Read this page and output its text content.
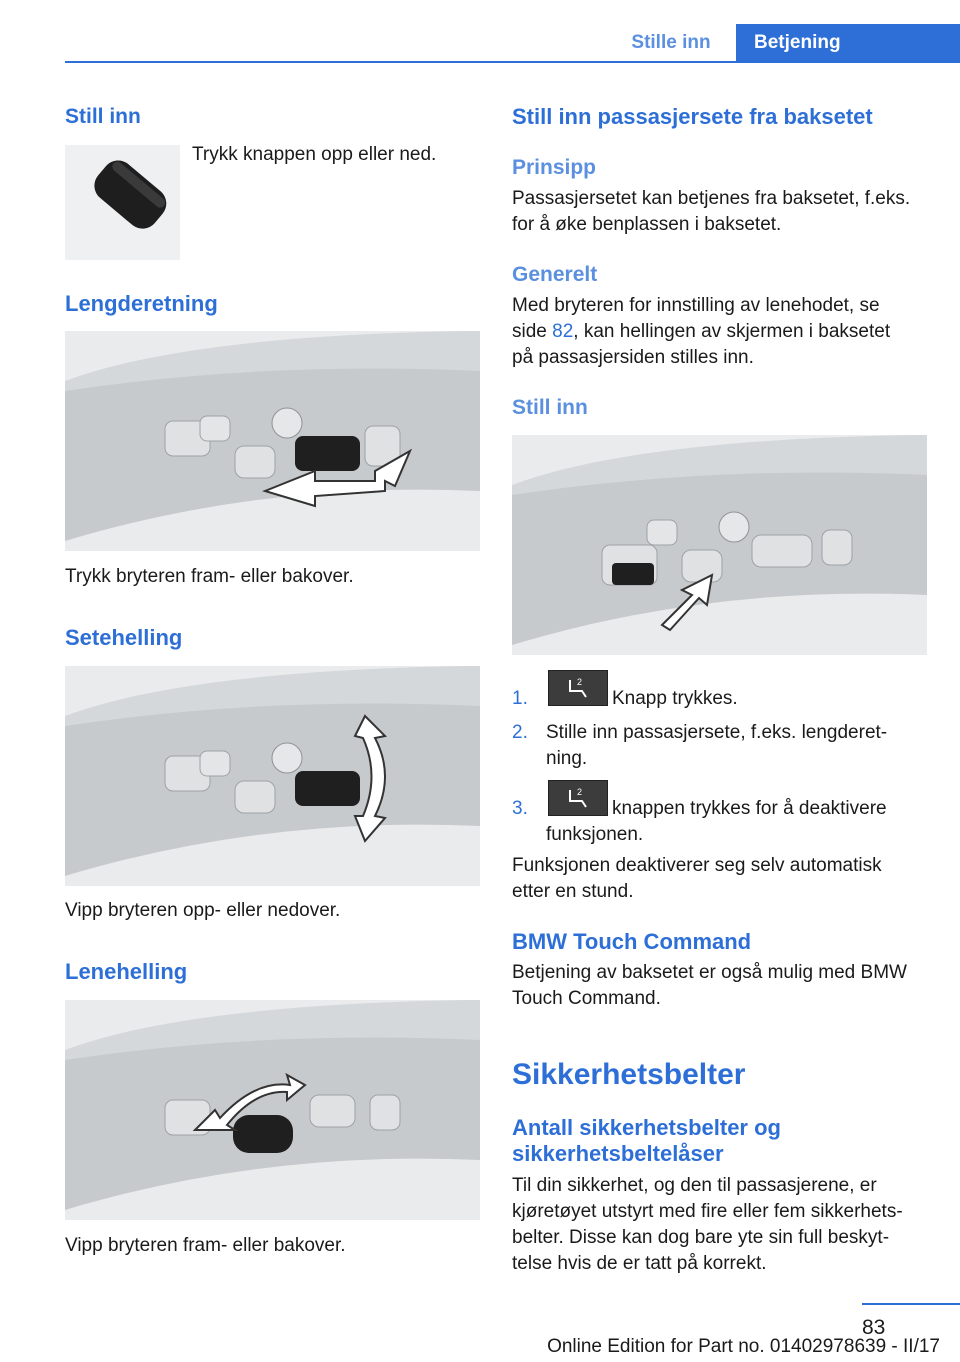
Stille inn	Betjening
Still inn
Trykk knappen opp eller ned.
Lengderetning
Trykk bryteren fram- eller bakover.
Setehelling
Vipp bryteren opp- eller nedover.
Lenehelling
Vipp bryteren fram- eller bakover.
Still inn passasjersete fra baksetet
Prinsipp
Passasjersetet kan betjenes fra baksetet, f.eks.
for å øke benplassen i baksetet.
Generelt
Med bryteren for innstilling av lenehodet, se
side 82, kan hellingen av skjermen i baksetet
på passasjersiden stilles inn.
Still inn
1.
2
Knapp trykkes.
2. Stille inn passasjersete, f.eks. lengderet-
ning.
3.
2
knappen trykkes for å deaktivere
funksjonen.
Funksjonen deaktiverer seg selv automatisk
etter en stund.
BMW Touch Command
Betjening av baksetet er også mulig med BMW
Touch Command.
Sikkerhetsbelter
Antall sikkerhetsbelter og
sikkerhetsbeltelåser
Til din sikkerhet, og den til passasjerene, er
kjøretøyet utstyrt med fire eller fem sikkerhets-
belter. Disse kan dog bare yte sin full beskyt-
telse hvis de er tatt på korrekt.
83
Online Edition for Part no. 01402978639 - II/17
